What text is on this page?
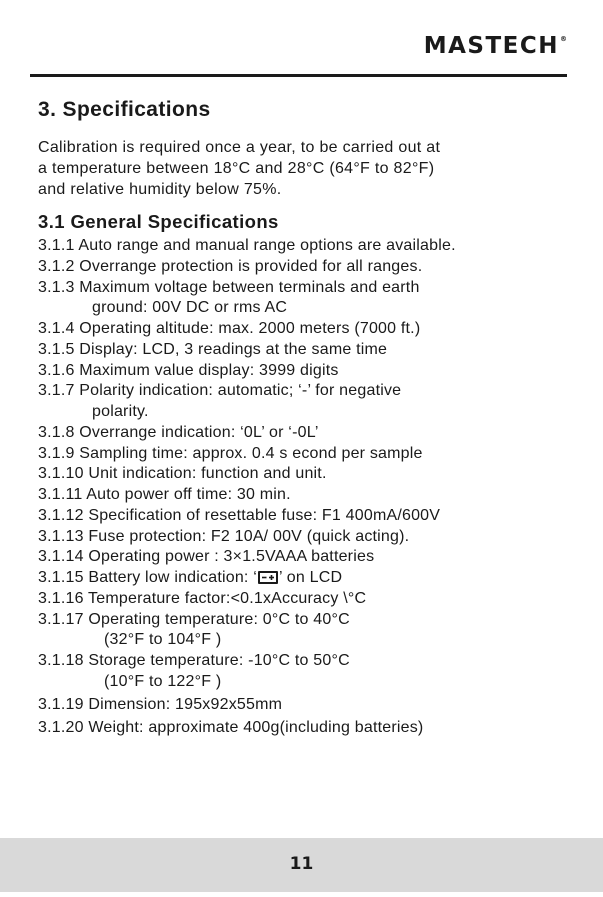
MASTECH®
3. Specifications

Calibration is required once a year, to be carried out at
a temperature between 18°C and 28°C (64°F to 82°F)
and relative humidity below 75%.

3.1 General Specifications
3.1.1 Auto range and manual range options are available.
3.1.2 Overrange protection is provided for all ranges.
3.1.3 Maximum voltage between terminals and earth
ground: 00V DC or rms AC
3.1.4 Operating altitude: max. 2000 meters (7000 ft.)
3.1.5 Display: LCD, 3 readings at the same time
3.1.6 Maximum value display: 3999 digits
3.1.7 Polarity indication: automatic; ‘-’ for negative
polarity.
3.1.8 Overrange indication: ‘0L’ or ‘-0L’
3.1.9 Sampling time: approx. 0.4 s econd per sample
3.1.10 Unit indication: function and unit.
3.1.11 Auto power off time: 30 min.
3.1.12 Specification of resettable fuse: F1 400mA/600V
3.1.13 Fuse protection: F2 10A/ 00V (quick acting).
3.1.14 Operating power : 3×1.5VAAA batteries
3.1.15 Battery low indication: ‘ ’ on LCD
3.1.16 Temperature factor:<0.1xAccuracy \°C
3.1.17 Operating temperature: 0°C to 40°C
(32°F to 104°F )
3.1.18 Storage temperature: -10°C to 50°C
(10°F to 122°F )
3.1.19 Dimension: 195x92x55mm
3.1.20 Weight: approximate 400g(including batteries)
11
